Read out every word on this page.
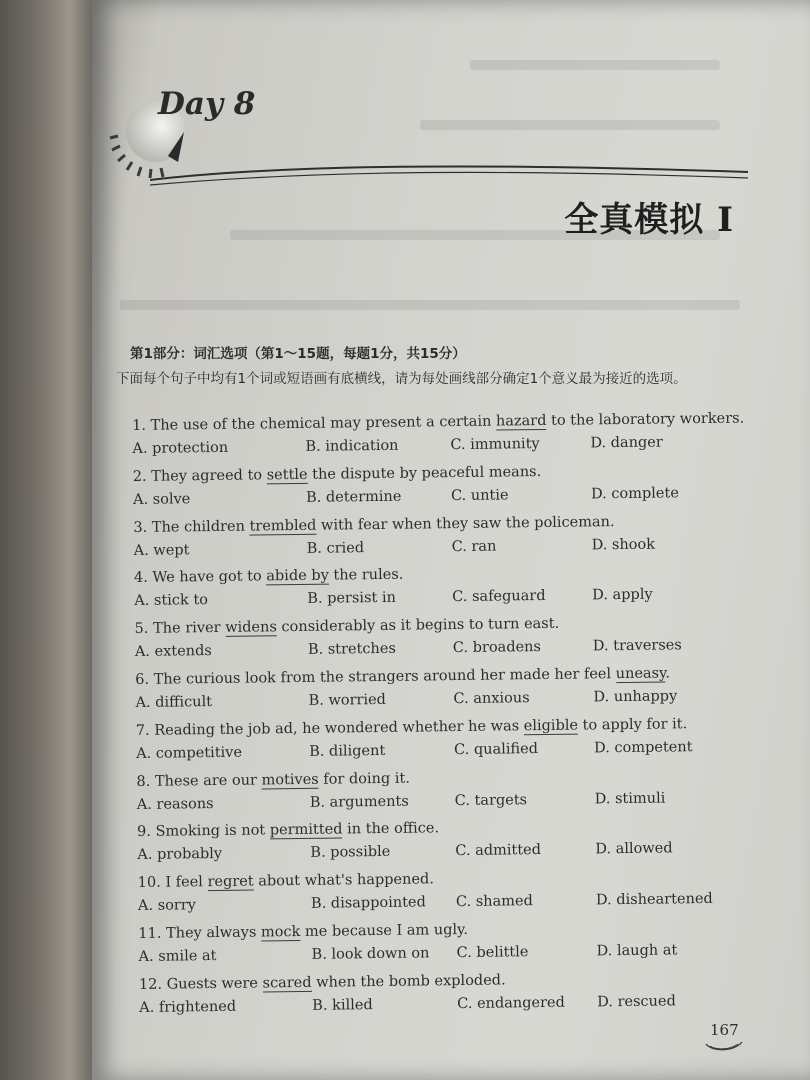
Day 8
全真模拟 I
第1部分：词汇选项（第1～15题，每题1分，共15分）

下面每个句子中均有1个词或短语画有底横线，请为每处画线部分确定1个意义最为接近的选项。

1. The use of the chemical may present a certain hazard to the laboratory workers.
A. protection	B. indication	C. immunity	D. danger
2. They agreed to settle the dispute by peaceful means.
A. solve	B. determine	C. untie	D. complete
3. The children trembled with fear when they saw the policeman.
A. wept	B. cried	C. ran	D. shook
4. We have got to abide by the rules.
A. stick to	B. persist in	C. safeguard	D. apply
5. The river widens considerably as it begins to turn east.
A. extends	B. stretches	C. broadens	D. traverses
6. The curious look from the strangers around her made her feel uneasy.
A. difficult	B. worried	C. anxious	D. unhappy
7. Reading the job ad, he wondered whether he was eligible to apply for it.
A. competitive	B. diligent	C. qualified	D. competent
8. These are our motives for doing it.
A. reasons	B. arguments	C. targets	D. stimuli
9. Smoking is not permitted in the office.
A. probably	B. possible	C. admitted	D. allowed
10. I feel regret about what's happened.
A. sorry	B. disappointed C. shamed	D. disheartened
11. They always mock me because I am ugly.
A. smile at	B. look down on C. belittle	D. laugh at
12. Guests were scared when the bomb exploded.
A. frightened	B. killed	C. endangered D. rescued

167
